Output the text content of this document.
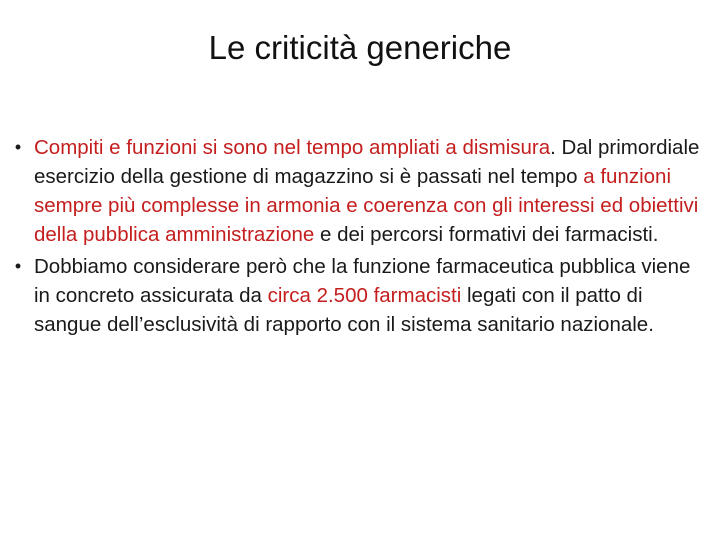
Le criticità generiche
• Compiti e funzioni si sono nel tempo ampliati a dismisura. Dal primordiale esercizio della gestione di magazzino si è passati nel tempo a funzioni sempre più complesse in armonia e coerenza con gli interessi ed obiettivi della pubblica amministrazione e dei percorsi formativi dei farmacisti.
• Dobbiamo considerare però che la funzione farmaceutica pubblica viene in concreto assicurata da circa 2.500 farmacisti legati con il patto di sangue dell’esclusività di rapporto con il sistema sanitario nazionale.
